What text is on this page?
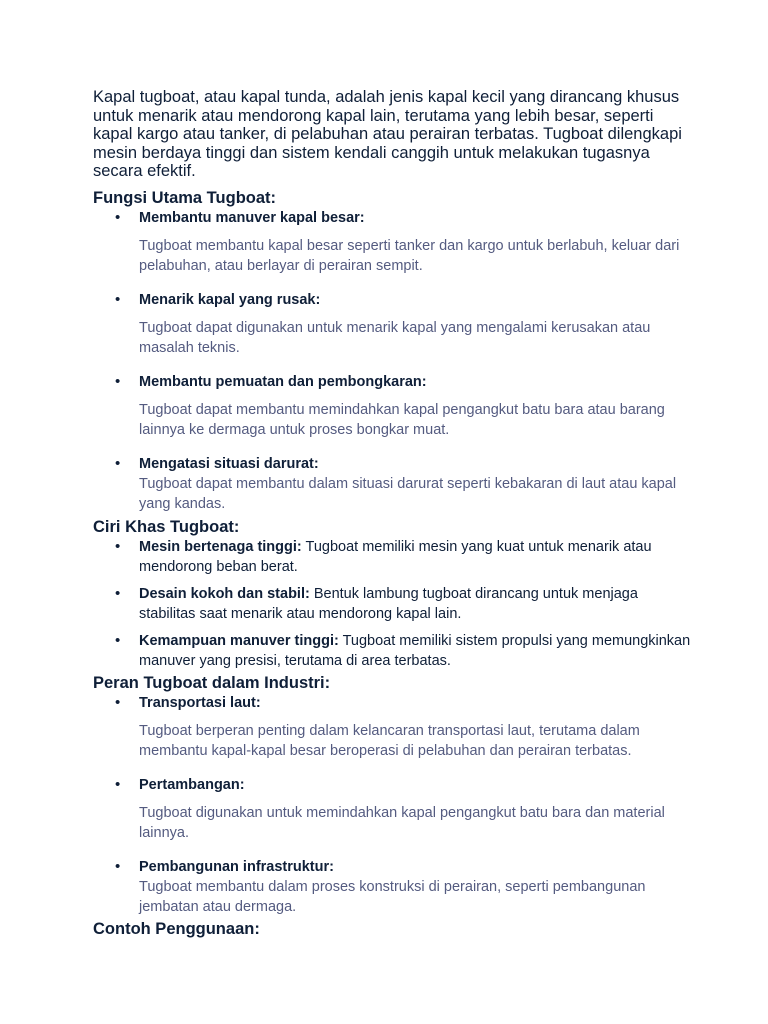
Kapal tugboat, atau kapal tunda, adalah jenis kapal kecil yang dirancang khusus untuk menarik atau mendorong kapal lain, terutama yang lebih besar, seperti kapal kargo atau tanker, di pelabuhan atau perairan terbatas. Tugboat dilengkapi mesin berdaya tinggi dan sistem kendali canggih untuk melakukan tugasnya secara efektif.

Fungsi Utama Tugboat:
• Membantu manuver kapal besar:
Tugboat membantu kapal besar seperti tanker dan kargo untuk berlabuh, keluar dari pelabuhan, atau berlayar di perairan sempit.
• Menarik kapal yang rusak:
Tugboat dapat digunakan untuk menarik kapal yang mengalami kerusakan atau masalah teknis.
• Membantu pemuatan dan pembongkaran:
Tugboat dapat membantu memindahkan kapal pengangkut batu bara atau barang lainnya ke dermaga untuk proses bongkar muat.
• Mengatasi situasi darurat:
Tugboat dapat membantu dalam situasi darurat seperti kebakaran di laut atau kapal yang kandas.
Ciri Khas Tugboat:
• Mesin bertenaga tinggi: Tugboat memiliki mesin yang kuat untuk menarik atau mendorong beban berat.
• Desain kokoh dan stabil: Bentuk lambung tugboat dirancang untuk menjaga stabilitas saat menarik atau mendorong kapal lain.
• Kemampuan manuver tinggi: Tugboat memiliki sistem propulsi yang memungkinkan manuver yang presisi, terutama di area terbatas.
Peran Tugboat dalam Industri:
• Transportasi laut:
Tugboat berperan penting dalam kelancaran transportasi laut, terutama dalam membantu kapal-kapal besar beroperasi di pelabuhan dan perairan terbatas.
• Pertambangan:
Tugboat digunakan untuk memindahkan kapal pengangkut batu bara dan material lainnya.
• Pembangunan infrastruktur:
Tugboat membantu dalam proses konstruksi di perairan, seperti pembangunan jembatan atau dermaga.
Contoh Penggunaan:
